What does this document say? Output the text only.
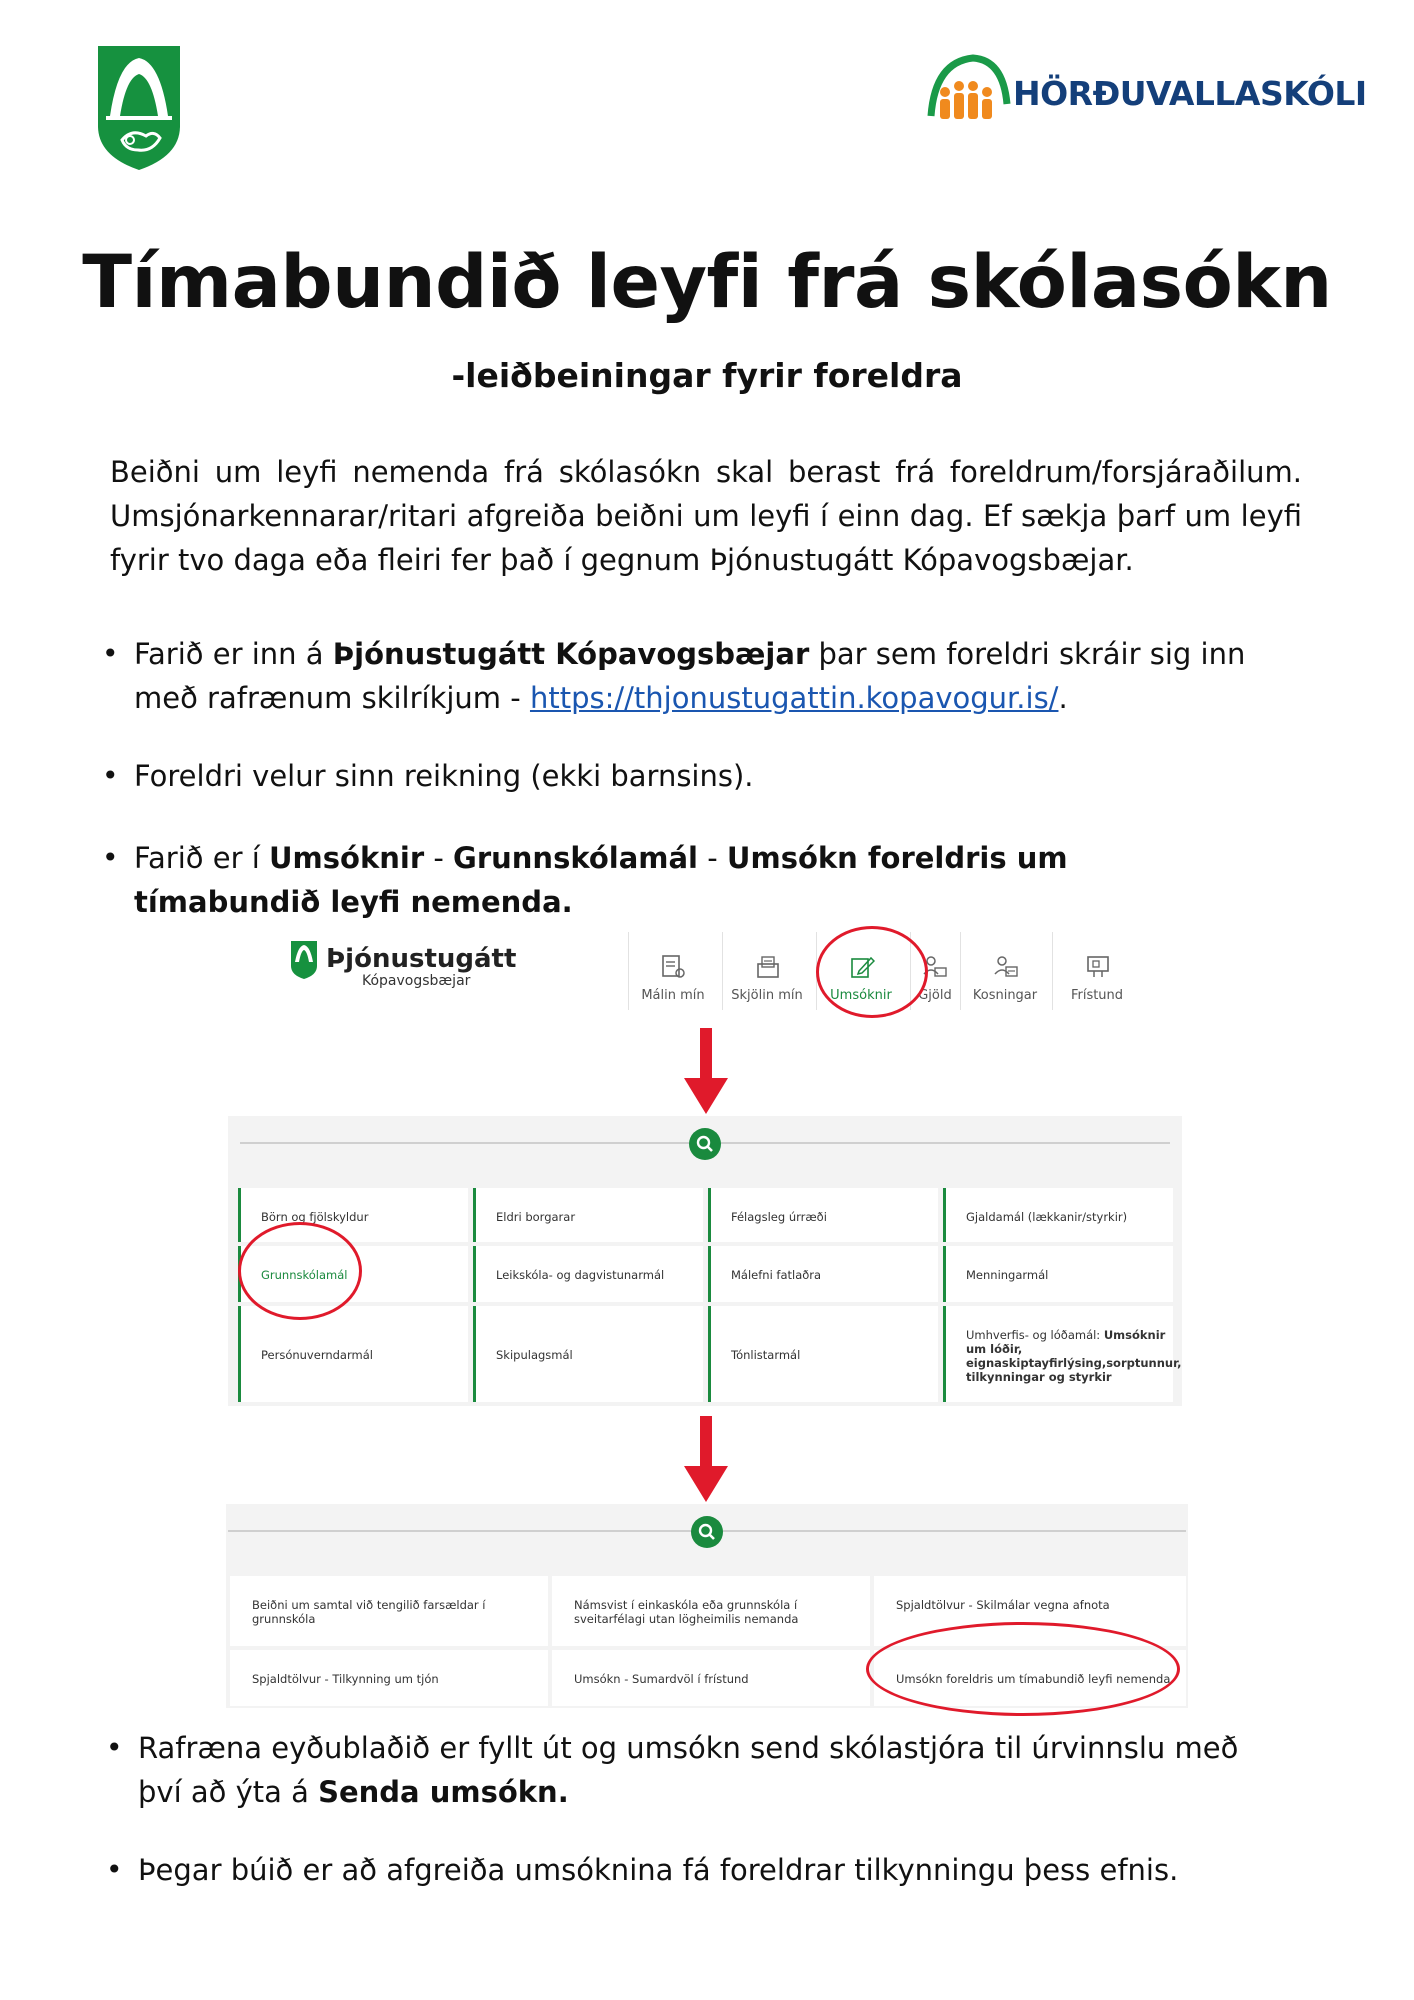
HÖRÐUVALLASKÓLI
Tímabundið leyfi frá skólasókn
-leiðbeiningar fyrir foreldra
Beiðni um leyfi nemenda frá skólasókn skal berast frá foreldrum/forsjáraðilum. Umsjónarkennarar/ritari afgreiða beiðni um leyfi í einn dag. Ef sækja þarf um leyfi fyrir tvo daga eða fleiri fer það í gegnum Þjónustugátt Kópavogsbæjar.
• Farið er inn á Þjónustugátt Kópavogsbæjar þar sem foreldri skráir sig inn með rafrænum skilríkjum - https://thjonustugattin.kopavogur.is/.
• Foreldri velur sinn reikning (ekki barnsins).
• Farið er í Umsóknir - Grunnskólamál - Umsókn foreldris um tímabundið leyfi nemenda.
Þjónustugátt
Kópavogsbæjar
Málin mín	Skjölin mín	Umsóknir	Gjöld	Kosningar	Frístund
Börn og fjölskyldur	Eldri borgarar	Félagsleg úrræði	Gjaldamál (lækkanir/styrkir)
Grunnskólamál	Leikskóla- og dagvistunarmál	Málefni fatlaðra	Menningarmál
Persónuverndarmál	Skipulagsmál	Tónlistarmál
Umhverfis- og lóðamál: Umsóknir um lóðir, eignaskiptayfirlýsing,sorptunnur, tilkynningar og styrkir
Beiðni um samtal við tengilið farsældar í grunnskóla
Námsvist í einkaskóla eða grunnskóla í sveitarfélagi utan lögheimilis nemanda
Spjaldtölvur - Skilmálar vegna afnota
Spjaldtölvur - Tilkynning um tjón	Umsókn - Sumardvöl í frístund	Umsókn foreldris um tímabundið leyfi nemenda
• Rafræna eyðublaðið er fyllt út og umsókn send skólastjóra til úrvinnslu með því að ýta á Senda umsókn.
• Þegar búið er að afgreiða umsóknina fá foreldrar tilkynningu þess efnis.
